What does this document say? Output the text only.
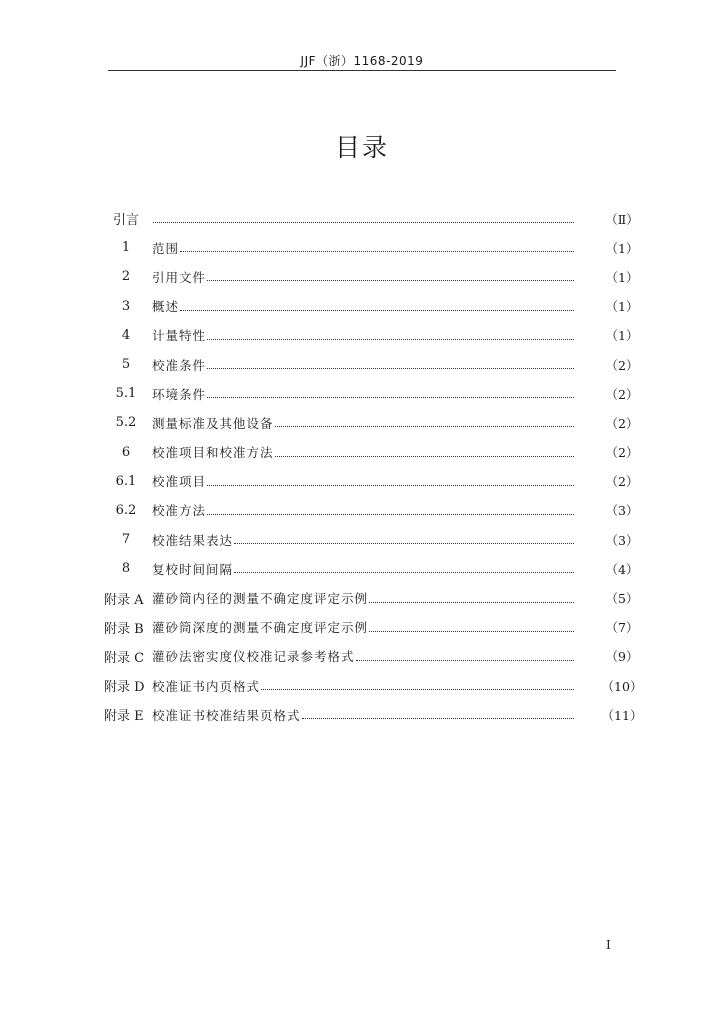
JJF（浙）1168-2019
目录
引言	（Ⅱ）
1	范围	（1）
2	引用文件	（1）
3	概述	（1）
4	计量特性	（1）
5	校准条件	（2）
5.1	环境条件	（2）
5.2	测量标准及其他设备	（2）
6	校准项目和校准方法	（2）
6.1	校准项目	（2）
6.2	校准方法	（3）
7	校准结果表达	（3）
8	复校时间间隔	（4）
附录 A 灌砂筒内径的测量不确定度评定示例	（5）
附录 B 灌砂筒深度的测量不确定度评定示例	（7）
附录 C 灌砂法密实度仪校准记录参考格式	（9）
附录 D 校准证书内页格式	（10）
附录 E 校准证书校准结果页格式	（11）
I
